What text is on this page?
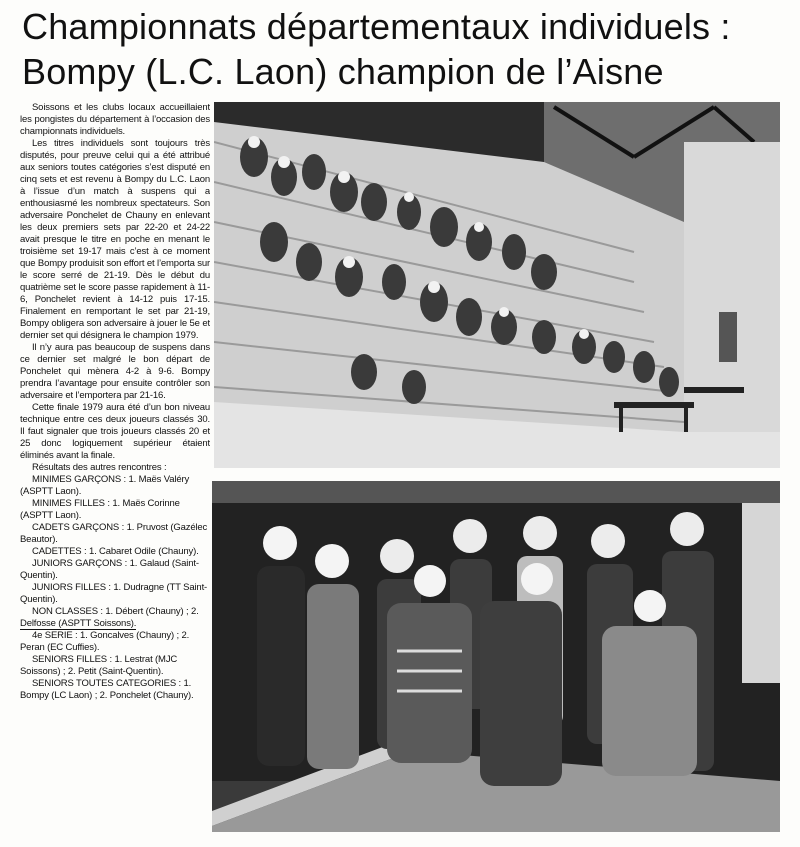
Championnats départementaux individuels :
Bompy (L.C. Laon) champion de l’Aisne

Soissons et les clubs locaux accueillaient les pongistes du département à l’occasion des championnats individuels.

Les titres individuels sont toujours très disputés, pour preuve celui qui a été attribué aux seniors toutes catégories s’est disputé en cinq sets et est revenu à Bompy du L.C. Laon à l’issue d’un match à suspens qui a enthousiasmé les nombreux spectateurs. Son adversaire Ponchelet de Chauny en enlevant les deux premiers sets par 22-20 et 24-22 avait presque le titre en poche en menant le troisième set 19-17 mais c’est à ce moment que Bompy produisit son effort et l’emporta sur le score serré de 21-19. Dès le début du quatrième set le score passe rapidement à 11-6, Ponchelet revient à 14-12 puis 17-15. Finalement en remportant le set par 21-19, Bompy obligera son adversaire à jouer le 5e et dernier set qui désignera le champion 1979.

Il n’y aura pas beaucoup de suspens dans ce dernier set malgré le bon départ de Ponchelet qui mènera 4-2 à 9-6. Bompy prendra l’avantage pour ensuite contrôler son adversaire et l’emportera par 21-16.

Cette finale 1979 aura été d’un bon niveau technique entre ces deux joueurs classés 30. Il faut signaler que trois joueurs classés 20 et 25 donc logiquement supérieur étaient éliminés avant la finale.

Résultats des autres rencontres :
MINIMES GARÇONS : 1. Maës Valéry (ASPTT Laon).
MINIMES FILLES : 1. Maës Corinne (ASPTT Laon).
CADETS GARÇONS : 1. Pruvost (Gazélec Beautor).
CADETTES : 1. Cabaret Odile (Chauny).
JUNIORS GARÇONS : 1. Galaud (Saint-Quentin).
JUNIORS FILLES : 1. Dudragne (TT Saint-Quentin).
NON CLASSES : 1. Débert (Chauny) ; 2. Delfosse (ASPTT Soissons).
4e SERIE : 1. Goncalves (Chauny) ; 2. Peran (EC Cuffies).
SENIORS FILLES : 1. Lestrat (MJC Soissons) ; 2. Petit (Saint-Quentin).
SENIORS TOUTES CATEGORIES : 1. Bompy (LC Laon) ; 2. Ponchelet (Chauny).
